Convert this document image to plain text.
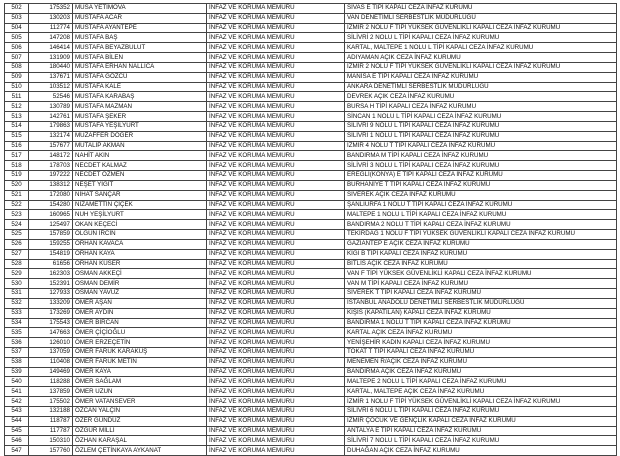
502	175352	MUSA YETİMOVA	İNFAZ VE KORUMA MEMURU	SİVAS E TİPİ KAPALI CEZA İNFAZ KURUMU
503	130203	MUSTAFA ACAR	İNFAZ VE KORUMA MEMURU	VAN DENETİMLİ SERBESTLİK MÜDÜRLÜĞÜ
504	112774	MUSTAFA AYANTEPE	İNFAZ VE KORUMA MEMURU	İZMİR 2 NOLU F TİPİ YÜKSEK GÜVENLİKLİ KAPALI CEZA İNFAZ KURUMU
505	147208	MUSTAFA BAŞ	İNFAZ VE KORUMA MEMURU	SİLİVRİ 2 NOLU L TİPİ KAPALI CEZA İNFAZ KURUMU
506	146414	MUSTAFA BEYAZBULUT	İNFAZ VE KORUMA MEMURU	KARTAL, MALTEPE 1 NOLU L TİPİ KAPALI CEZA İNFAZ KURUMU
507	131909	MUSTAFA BİLEN	İNFAZ VE KORUMA MEMURU	ADIYAMAN AÇIK CEZA İNFAZ KURUMU
508	180440	MUSTAFA ERHAN NALLICA	İNFAZ VE KORUMA MEMURU	İZMİR 2 NOLU F TİPİ YÜKSEK GÜVENLİKLİ KAPALI CEZA İNFAZ KURUMU
509	137671	MUSTAFA GÖZCÜ	İNFAZ VE KORUMA MEMURU	MANİSA E TİPİ KAPALI CEZA İNFAZ KURUMU
510	103512	MUSTAFA KALE	İNFAZ VE KORUMA MEMURU	ANKARA DENETİMLİ SERBESTLİK MÜDÜRLÜĞÜ
511	52546	MUSTAFA KARABAŞ	İNFAZ VE KORUMA MEMURU	DEVREK AÇIK CEZA İNFAZ KURUMU
512	130789	MUSTAFA MAZMAN	İNFAZ VE KORUMA MEMURU	BURSA H TİPİ KAPALI CEZA İNFAZ KURUMU
513	142761	MUSTAFA ŞEKER	İNFAZ VE KORUMA MEMURU	SİNCAN 1 NOLU L TİPİ KAPALI CEZA İNFAZ KURUMU
514	179863	MUSTAFA YEŞİLYURT	İNFAZ VE KORUMA MEMURU	SİLİVRİ 9 NOLU L TİPİ KAPALI CEZA İNFAZ KURUMU
515	132174	MUZAFFER DÖĞER	İNFAZ VE KORUMA MEMURU	SİLİVRİ 1 NOLU L TİPİ KAPALI CEZA İNFAZ KURUMU
516	157677	MUTALİP AKMAN	İNFAZ VE KORUMA MEMURU	İZMİR 4 NOLU T TİPİ KAPALI CEZA İNFAZ KURUMU
517	148172	NAHİT AKIN	İNFAZ VE KORUMA MEMURU	BANDIRMA M TİPİ KAPALI CEZA İNFAZ KURUMU
518	178703	NECDET KALMAZ	İNFAZ VE KORUMA MEMURU	SİLİVRİ 3 NOLU L TİPİ KAPALI CEZA İNFAZ KURUMU
519	197222	NECDET ÖZMEN	İNFAZ VE KORUMA MEMURU	EREĞLİ(KONYA) E TİPİ KAPALI CEZA İNFAZ KURUMU
520	138312	NEŞET YİĞİT	İNFAZ VE KORUMA MEMURU	BURHANİYE T TİPİ KAPALI CEZA İNFAZ KURUMU
521	172080	NİHAT SANÇAR	İNFAZ VE KORUMA MEMURU	SİVEREK AÇIK CEZA İNFAZ KURUMU
522	154280	NİZAMETTİN ÇİÇEK	İNFAZ VE KORUMA MEMURU	ŞANLIURFA 1 NOLU T TİPİ KAPALI CEZA İNFAZ KURUMU
523	160965	NUH YEŞİLYURT	İNFAZ VE KORUMA MEMURU	MALTEPE 1 NOLU L TİPİ KAPALI CEZA İNFAZ KURUMU
524	125497	OKAN KEÇECİ	İNFAZ VE KORUMA MEMURU	BANDIRMA 2 NOLU T TİPİ KAPALI CEZA İNFAZ KURUMU
525	157859	OLGUN İRCİN	İNFAZ VE KORUMA MEMURU	TEKİRDAĞ 1 NOLU F TİPİ YÜKSEK GÜVENLİKLİ KAPALI CEZA İNFAZ KURUMU
526	159255	ORHAN KAVACA	İNFAZ VE KORUMA MEMURU	GAZİANTEP E AÇIK CEZA İNFAZ KURUMU
527	154819	ORHAN KAYA	İNFAZ VE KORUMA MEMURU	KİĞI B TİPİ KAPALI CEZA İNFAZ KURUMU
528	61656	ORHAN KÜSER	İNFAZ VE KORUMA MEMURU	BİTLİS AÇIK CEZA İNFAZ KURUMU
529	162303	OSMAN AKKEÇİ	İNFAZ VE KORUMA MEMURU	VAN F TİPİ YÜKSEK GÜVENLİKLİ KAPALI CEZA İNFAZ KURUMU
530	152391	OSMAN DEMİR	İNFAZ VE KORUMA MEMURU	VAN M TİPİ KAPALI CEZA İNFAZ KURUMU
531	127933	OSMAN YAVUZ	İNFAZ VE KORUMA MEMURU	SİVEREK T TİPİ KAPALI CEZA İNFAZ KURUMU
532	133209	ÖMER AŞAN	İNFAZ VE KORUMA MEMURU	İSTANBUL ANADOLU DENETİMLİ SERBESTLİK MÜDÜRLÜĞÜ
533	173269	ÖMER AYDIN	İNFAZ VE KORUMA MEMURU	KIŞİS (KAPATILAN) KAPALI CEZA İNFAZ KURUMU
534	175543	ÖMER BİRCAN	İNFAZ VE KORUMA MEMURU	BANDIRMA 1 NOLU T TİPİ KAPALI CEZA İNFAZ KURUMU
535	147663	ÖMER ÇİÇİOĞLU	İNFAZ VE KORUMA MEMURU	KARTAL AÇIK CEZA İNFAZ KURUMU
536	126010	ÖMER ERZEÇETİN	İNFAZ VE KORUMA MEMURU	YENİŞEHİR KADIN KAPALI CEZA İNFAZ KURUMU
537	137059	ÖMER FARUK KARAKUŞ	İNFAZ VE KORUMA MEMURU	TOKAT T TİPİ KAPALI CEZA İNFAZ KURUMU
538	110408	ÖMER FARUK METİN	İNFAZ VE KORUMA MEMURU	MENEMEN R/AÇIK CEZA İNFAZ KURUMU
539	149469	ÖMER KAYA	İNFAZ VE KORUMA MEMURU	BANDIRMA AÇIK CEZA İNFAZ KURUMU
540	118288	ÖMER SAĞLAM	İNFAZ VE KORUMA MEMURU	MALTEPE 2 NOLU L TİPİ KAPALI CEZA İNFAZ KURUMU
541	137859	ÖMER UZUN	İNFAZ VE KORUMA MEMURU	KARTAL, MALTEPE AÇIK CEZA İNFAZ KURUMU
542	175502	ÖMER VATANSEVER	İNFAZ VE KORUMA MEMURU	İZMİR 1 NOLU F TİPİ YÜKSEK GÜVENLİKLİ KAPALI CEZA İNFAZ KURUMU
543	132188	ÖZCAN YALÇIN	İNFAZ VE KORUMA MEMURU	SİLİVRİ 6 NOLU L TİPİ KAPALI CEZA İNFAZ KURUMU
544	118787	ÖZER GÜNDÜZ	İNFAZ VE KORUMA MEMURU	İZMİR ÇOCUK VE GENÇLİK KAPALI CEZA İNFAZ KURUMU
545	117787	ÖZGÜR MİLLİ	İNFAZ VE KORUMA MEMURU	ANTALYA E TİPİ KAPALI CEZA İNFAZ KURUMU
546	150310	ÖZHAN KARAŞAL	İNFAZ VE KORUMA MEMURU	SİLİVRİ 7 NOLU L TİPİ KAPALI CEZA İNFAZ KURUMU
547	157760	ÖZLEM ÇETİNKAYA AYKANAT	İNFAZ VE KORUMA MEMURU	DUHAĞAN AÇIK CEZA İNFAZ KURUMU
